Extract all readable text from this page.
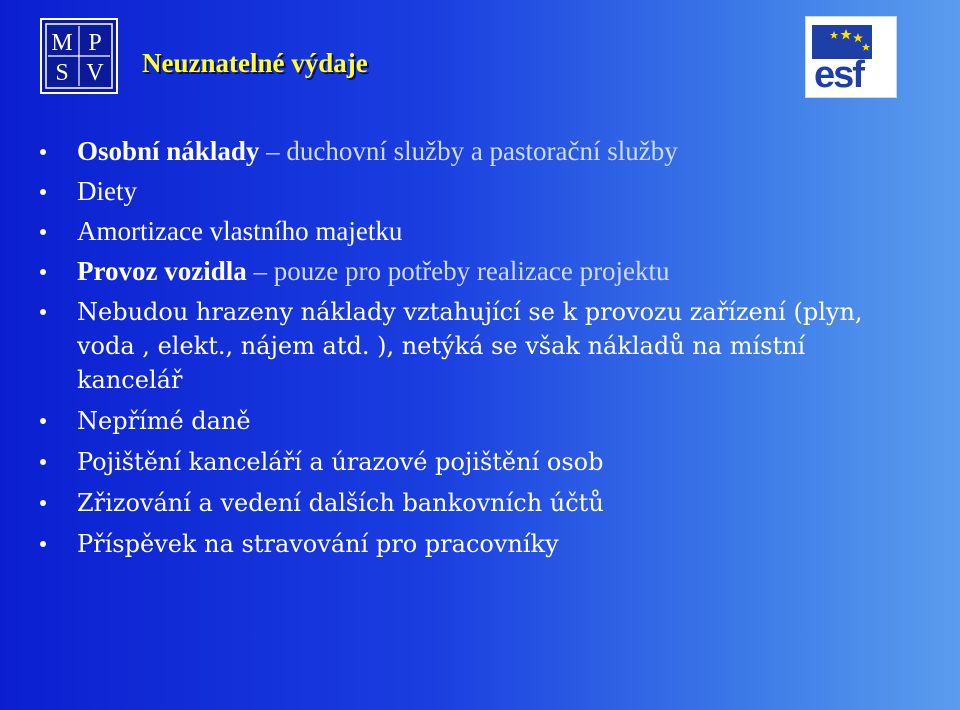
M P
S V Neuznatelné výdaje	esf
Osobní náklady – duchovní služby a pastorační služby
Diety
Amortizace vlastního majetku
Provoz vozidla – pouze pro potřeby realizace projektu
Nebudou hrazeny náklady vztahující se k provozu zařízení (plyn, voda , elekt., nájem atd. ), netýká se však nákladů na místní kancelář
Nepřímé daně
Pojištění kanceláří a úrazové pojištění osob
Zřizování a vedení dalších bankovních účtů
Příspěvek na stravování pro pracovníky
